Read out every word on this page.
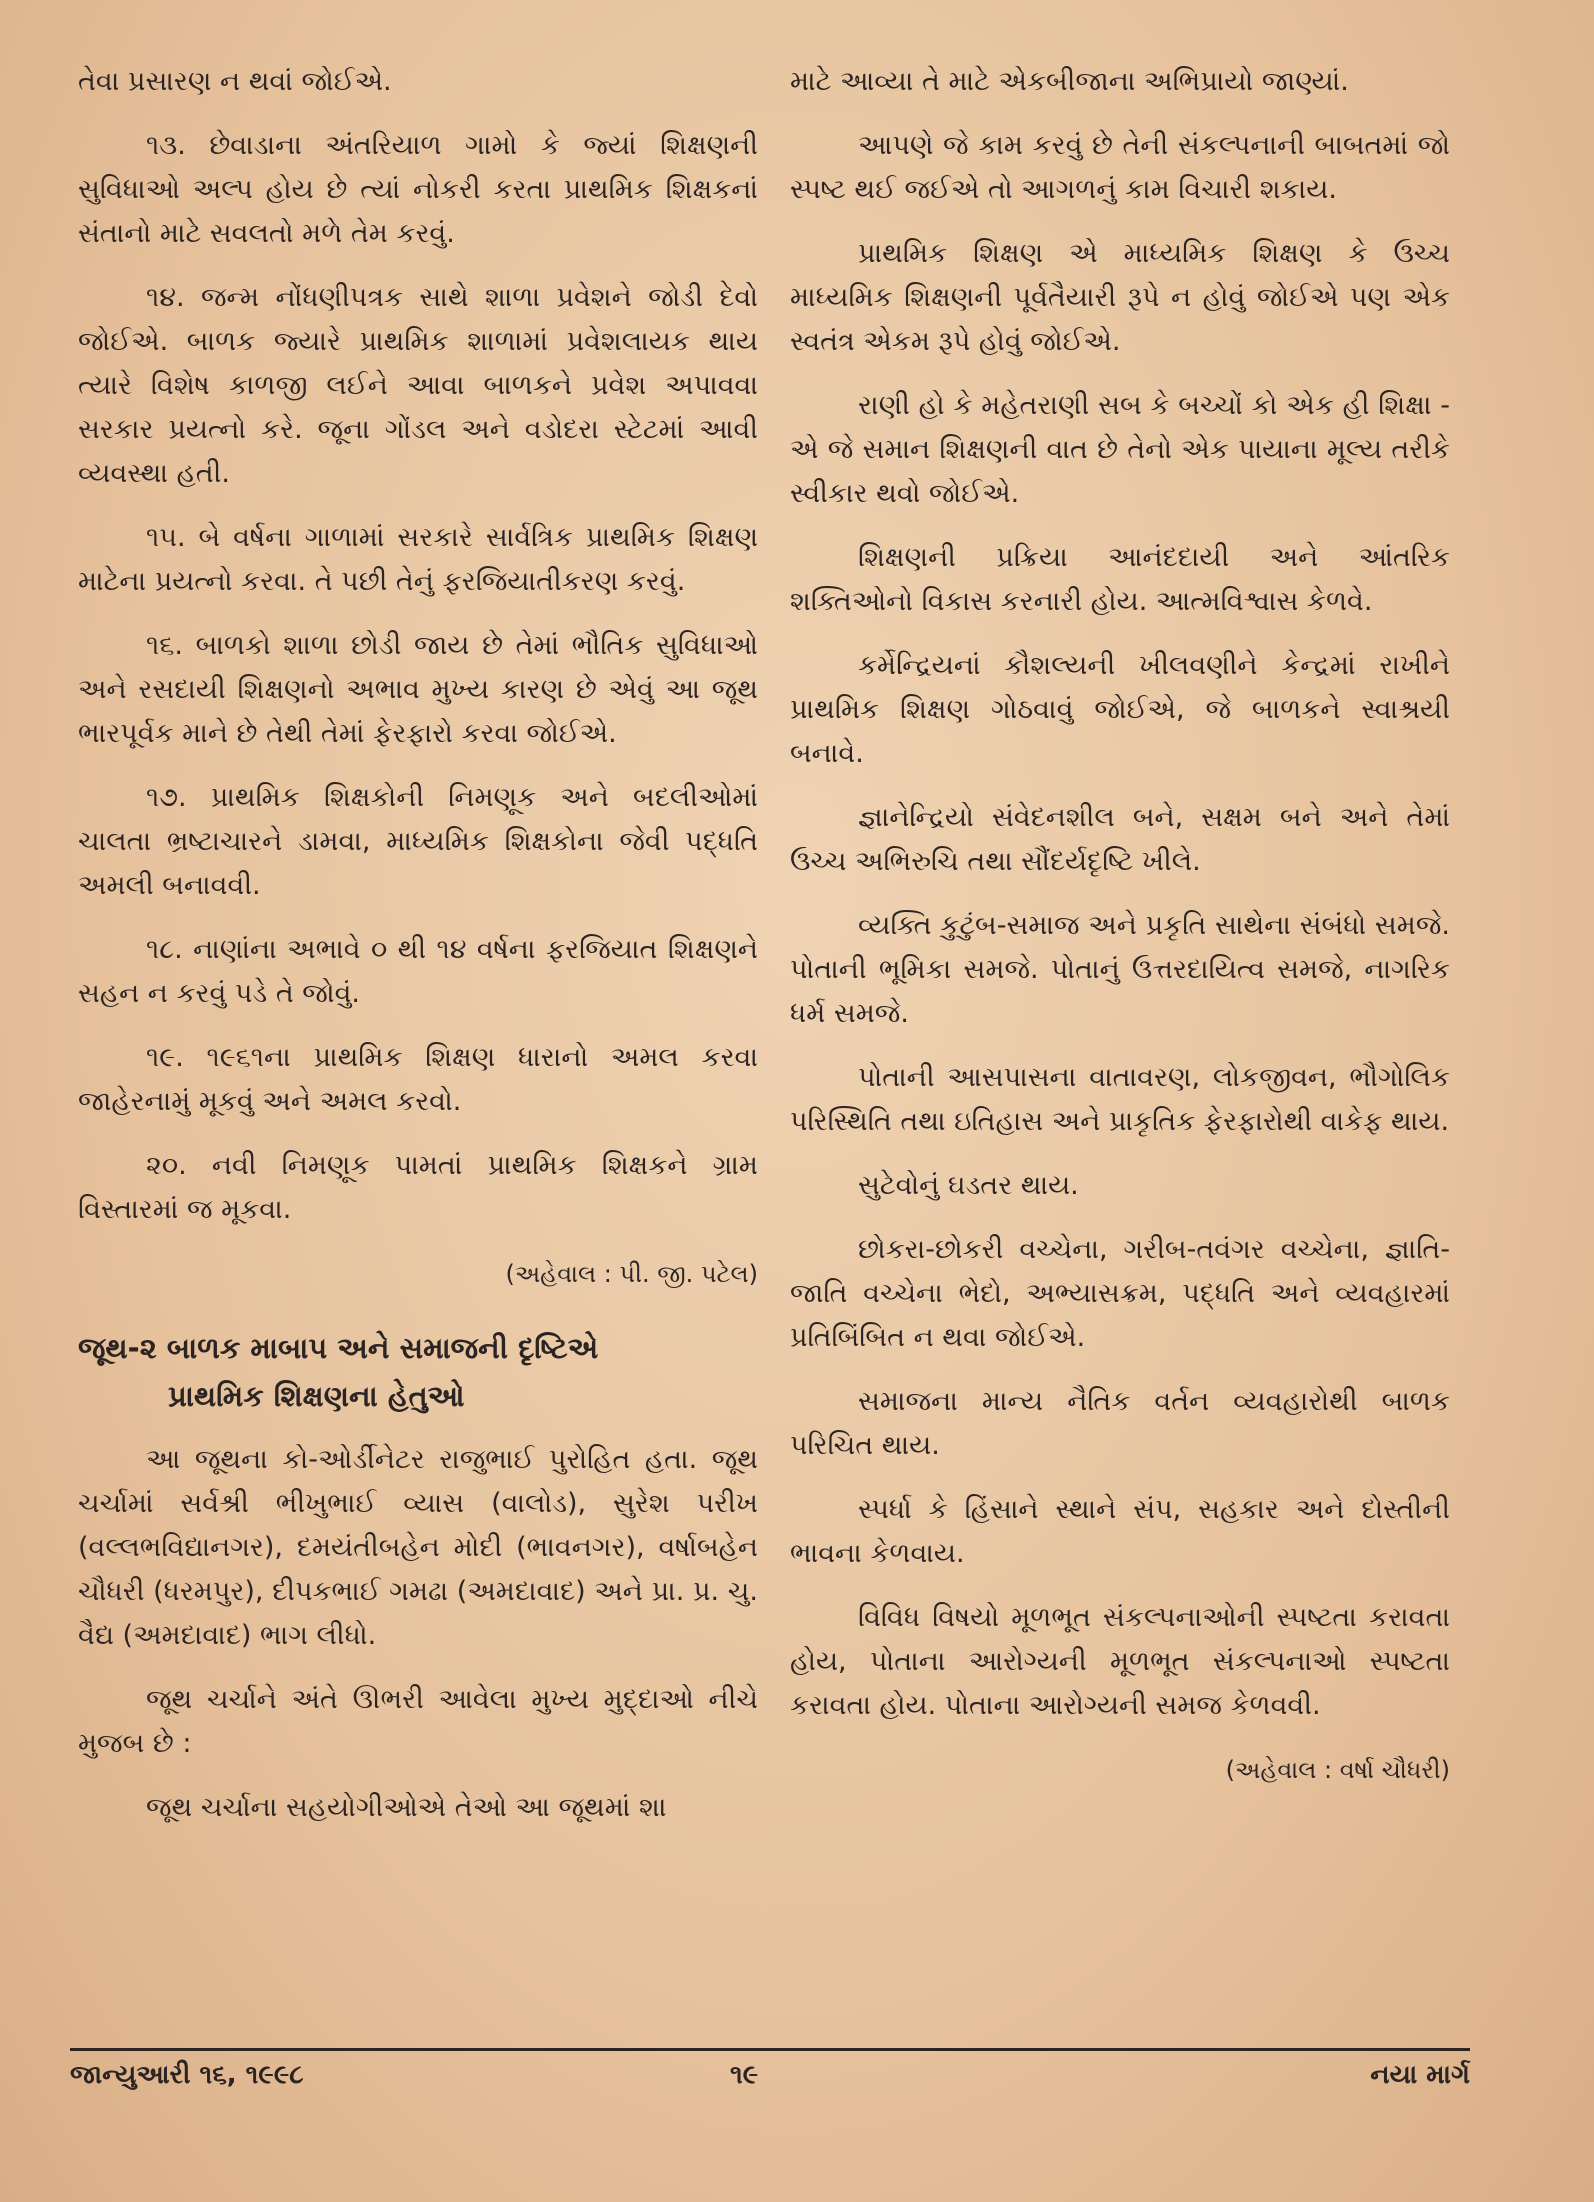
તેવા પ્રસારણ ન થવાં જોઈએ.

૧૩. છેવાડાના અંતરિયાળ ગામો કે જ્યાં શિક્ષણની સુવિધાઓ અલ્પ હોય છે ત્યાં નોકરી કરતા પ્રાથમિક શિક્ષકનાં સંતાનો માટે સવલતો મળે તેમ કરવું.

૧૪. જન્મ નોંધણીપત્રક સાથે શાળા પ્રવેશને જોડી દેવો જોઈએ. બાળક જ્યારે પ્રાથમિક શાળામાં પ્રવેશલાયક થાય ત્યારે વિશેષ કાળજી લઈને આવા બાળકને પ્રવેશ અપાવવા સરકાર પ્રયત્નો કરે. જૂના ગોંડલ અને વડોદરા સ્ટેટમાં આવી વ્યવસ્થા હતી.

૧૫. બે વર્ષના ગાળામાં સરકારે સાર્વત્રિક પ્રાથમિક શિક્ષણ માટેના પ્રયત્નો કરવા. તે પછી તેનું ફરજિયાતીકરણ કરવું.

૧૬. બાળકો શાળા છોડી જાય છે તેમાં ભૌતિક સુવિધાઓ અને રસદાયી શિક્ષણનો અભાવ મુખ્ય કારણ છે એવું આ જૂથ ભારપૂર્વક માને છે તેથી તેમાં ફેરફારો કરવા જોઈએ.

૧૭. પ્રાથમિક શિક્ષકોની નિમણૂક અને બદલીઓમાં ચાલતા ભ્રષ્ટાચારને ડામવા, માધ્યમિક શિક્ષકોના જેવી પદ્ધતિ અમલી બનાવવી.

૧૮. નાણાંના અભાવે ૦ થી ૧૪ વર્ષના ફરજિયાત શિક્ષણને સહન ન કરવું પડે તે જોવું.

૧૯. ૧૯૬૧ના પ્રાથમિક શિક્ષણ ધારાનો અમલ કરવા જાહેરનામું મૂકવું અને અમલ કરવો.

૨૦. નવી નિમણૂક પામતાં પ્રાથમિક શિક્ષકને ગ્રામ વિસ્તારમાં જ મૂકવા.

(અહેવાલ : પી. જી. પટેલ)

જૂથ-૨ બાળક માબાપ અને સમાજની દૃષ્ટિએ
પ્રાથમિક શિક્ષણના હેતુઓ

આ જૂથના કો-ઓર્ડીનેટર રાજુભાઈ પુરોહિત હતા. જૂથ ચર્ચામાં સર્વશ્રી ભીખુભાઈ વ્યાસ (વાલોડ), સુરેશ પરીખ (વલ્લભવિદ્યાનગર), દમયંતીબહેન મોદી (ભાવનગર), વર્ષાબહેન ચૌધરી (ધરમપુર), દીપકભાઈ ગમઢા (અમદાવાદ) અને પ્રા. પ્ર. ચુ. વૈદ્ય (અમદાવાદ) ભાગ લીધો.

જૂથ ચર્ચાને અંતે ઊભરી આવેલા મુખ્ય મુદ્દાઓ નીચે મુજબ છે :

જૂથ ચર્ચાના સહયોગીઓએ તેઓ આ જૂથમાં શા

માટે આવ્યા તે માટે એકબીજાના અભિપ્રાયો જાણ્યાં.

આપણે જે કામ કરવું છે તેની સંકલ્પનાની બાબતમાં જો સ્પષ્ટ થઈ જઈએ તો આગળનું કામ વિચારી શકાય.

પ્રાથમિક શિક્ષણ એ માધ્યમિક શિક્ષણ કે ઉચ્ચ માધ્યમિક શિક્ષણની પૂર્વતૈયારી રૂપે ન હોવું જોઈએ પણ એક સ્વતંત્ર એકમ રૂપે હોવું જોઈએ.

રાણી હો કે મહેતરાણી સબ કે બચ્ચોં કો એક હી શિક્ષા - એ જે સમાન શિક્ષણની વાત છે તેનો એક પાયાના મૂલ્ય તરીકે સ્વીકાર થવો જોઈએ.

શિક્ષણની પ્રક્રિયા આનંદદાયી અને આંતરિક શક્તિઓનો વિકાસ કરનારી હોય. આત્મવિશ્વાસ કેળવે.

કર્મેન્દ્રિયનાં કૌશલ્યની ખીલવણીને કેન્દ્રમાં રાખીને પ્રાથમિક શિક્ષણ ગોઠવાવું જોઈએ, જે બાળકને સ્વાશ્રયી બનાવે.

જ્ઞાનેન્દ્રિયો સંવેદનશીલ બને, સક્ષમ બને અને તેમાં ઉચ્ચ અભિરુચિ તથા સૌંદર્યદૃષ્ટિ ખીલે.

વ્યક્તિ કુટુંબ-સમાજ અને પ્રકૃતિ સાથેના સંબંધો સમજે. પોતાની ભૂમિકા સમજે. પોતાનું ઉત્તરદાયિત્વ સમજે, નાગરિક ધર્મ સમજે.

પોતાની આસપાસના વાતાવરણ, લોકજીવન, ભૌગોલિક પરિસ્થિતિ તથા ઇતિહાસ અને પ્રાકૃતિક ફેરફારોથી વાકેફ થાય.

સુટેવોનું ઘડતર થાય.

છોકરા-છોકરી વચ્ચેના, ગરીબ-તવંગર વચ્ચેના, જ્ઞાતિ-જાતિ વચ્ચેના ભેદો, અભ્યાસક્રમ, પદ્ધતિ અને વ્યવહારમાં પ્રતિબિંબિત ન થવા જોઈએ.

સમાજના માન્ય નૈતિક વર્તન વ્યવહારોથી બાળક પરિચિત થાય.

સ્પર્ધા કે હિંસાને સ્થાને સંપ, સહકાર અને દોસ્તીની ભાવના કેળવાય.

વિવિધ વિષયો મૂળભૂત સંકલ્પનાઓની સ્પષ્ટતા કરાવતા હોય, પોતાના આરોગ્યની મૂળભૂત સંકલ્પનાઓ સ્પષ્ટતા કરાવતા હોય. પોતાના આરોગ્યની સમજ કેળવવી.

(અહેવાલ : વર્ષા ચૌધરી)

જાન્યુઆરી ૧૬, ૧૯૯૮	૧૯	નયા માર્ગ
